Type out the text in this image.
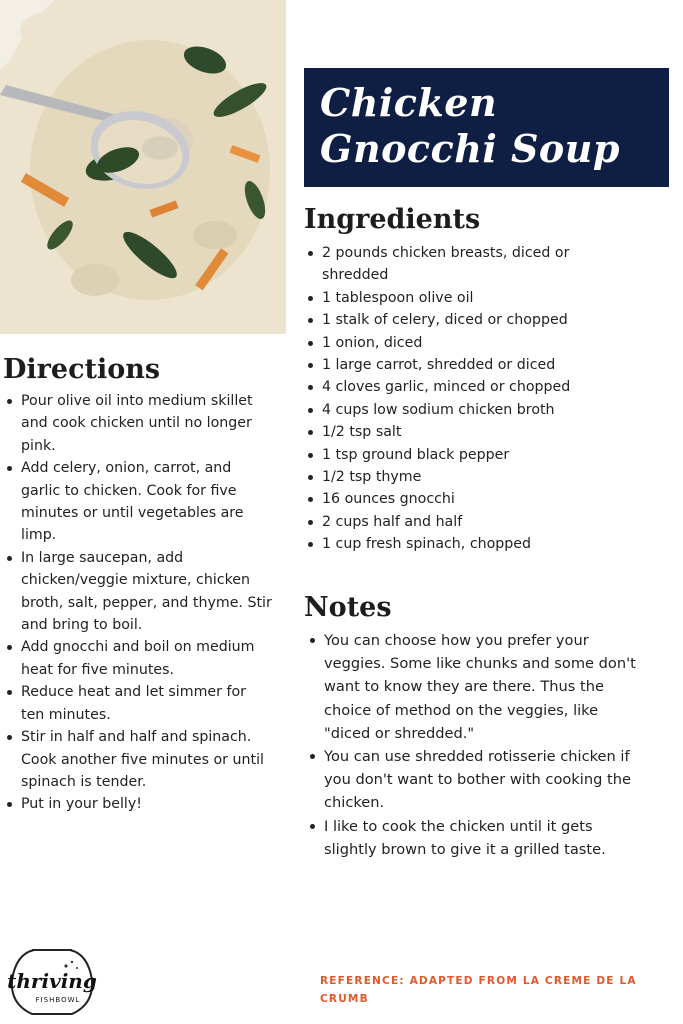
Chicken Gnocchi Soup
Ingredients
2 pounds chicken breasts, diced or shredded
1 tablespoon olive oil
1 stalk of celery, diced or chopped
1 onion, diced
1 large carrot, shredded or diced
4 cloves garlic, minced or chopped
4 cups low sodium chicken broth
1/2 tsp salt
1 tsp ground black pepper
1/2 tsp thyme
16 ounces gnocchi
2 cups half and half
1 cup fresh spinach, chopped
Directions
Pour olive oil into medium skillet and cook chicken until no longer pink.
Add celery, onion, carrot, and garlic to chicken. Cook for five minutes or until vegetables are limp.
In large saucepan, add chicken/veggie mixture, chicken broth, salt, pepper, and thyme. Stir and bring to boil.
Add gnocchi and boil on medium heat for five minutes.
Reduce heat and let simmer for ten minutes.
Stir in half and half and spinach. Cook another five minutes or until spinach is tender.
Put in your belly!
Notes
You can choose how you prefer your veggies. Some like chunks and some don't want to know they are there. Thus the choice of method on the veggies, like "diced or shredded."
You can use shredded rotisserie chicken if you don't want to bother with cooking the chicken.
I like to cook the chicken until it gets slightly brown to give it a grilled taste.
thriving
FISHBOWL
REFERENCE: ADAPTED FROM LA CREME DE LA CRUMB
